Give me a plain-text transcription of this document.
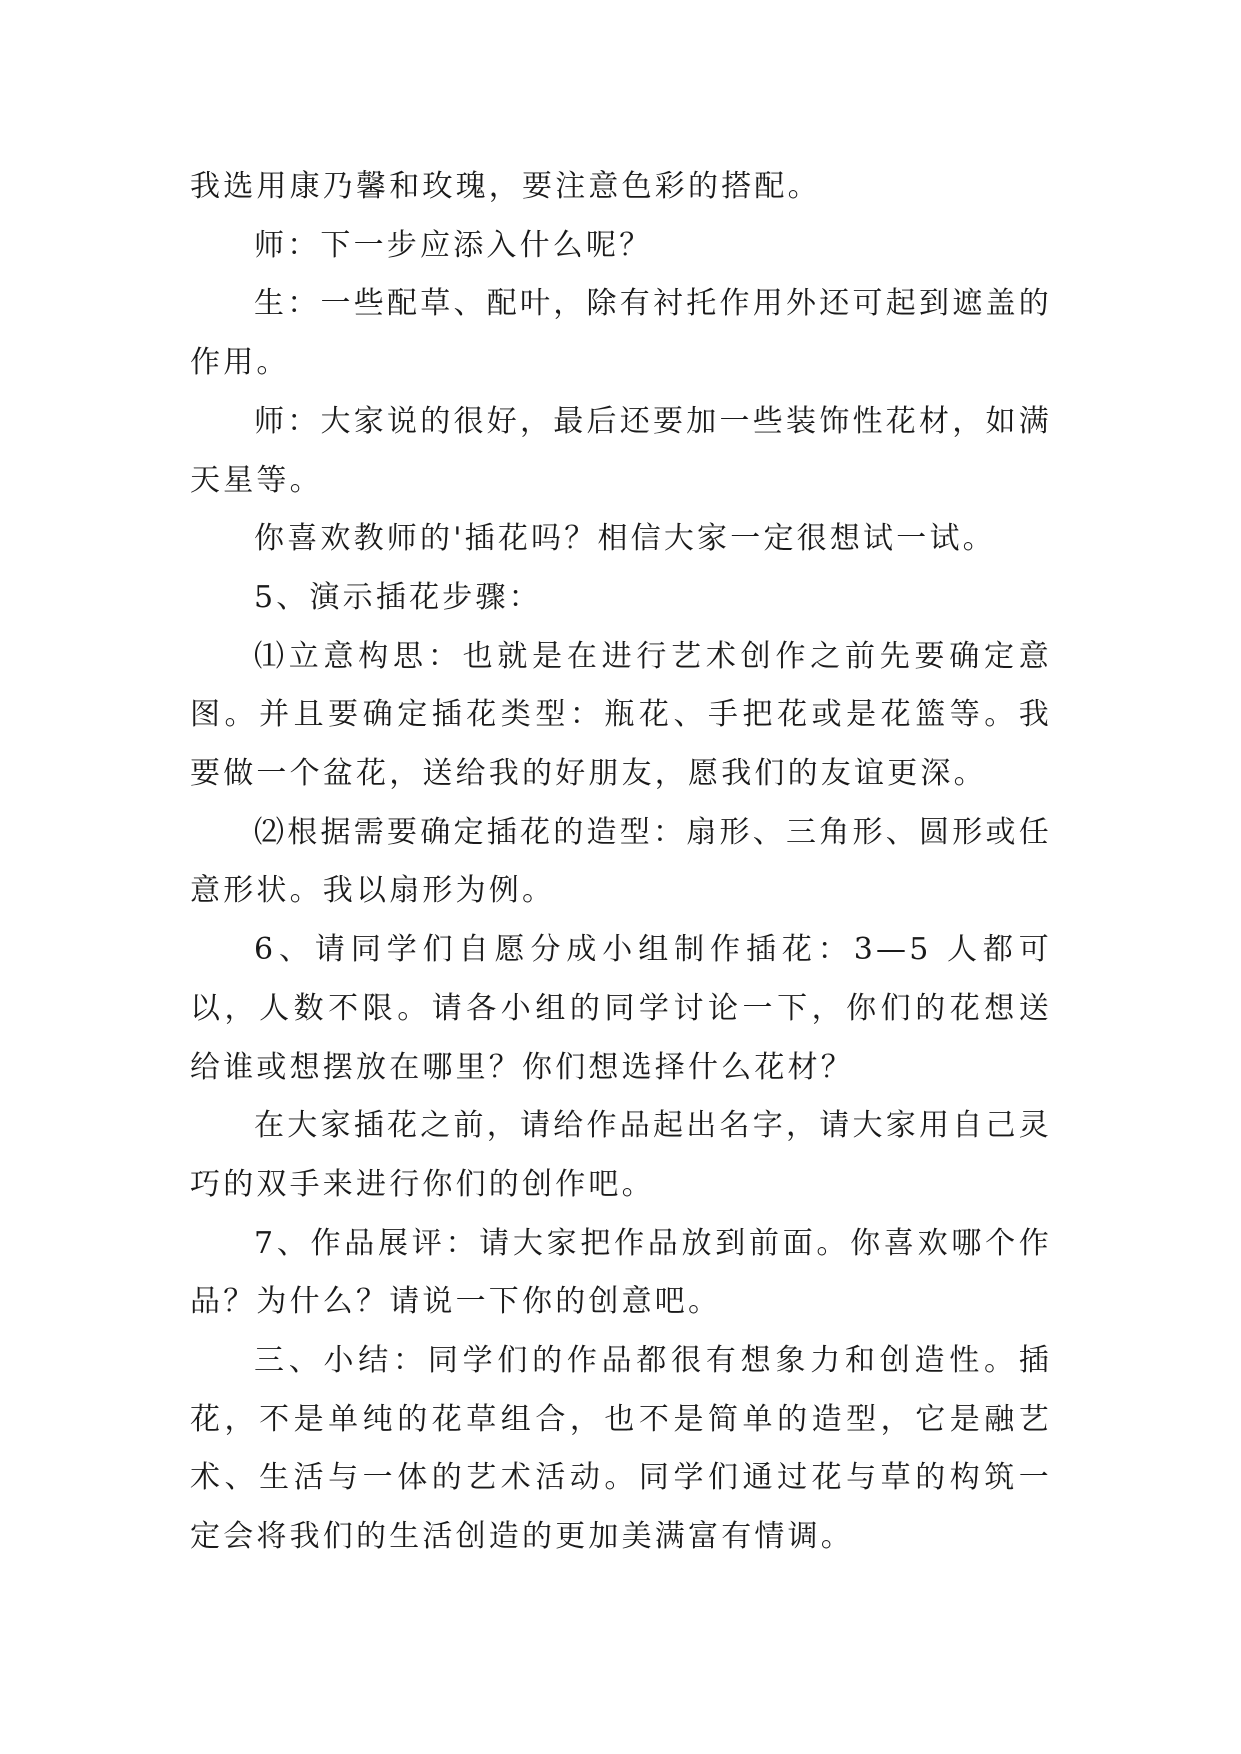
我选用康乃馨和玫瑰，要注意色彩的搭配。

师：下一步应添入什么呢？

生：一些配草、配叶，除有衬托作用外还可起到遮盖的作用。

师：大家说的很好，最后还要加一些装饰性花材，如满天星等。

你喜欢教师的'插花吗？相信大家一定很想试一试。

5、演示插花步骤：

⑴立意构思：也就是在进行艺术创作之前先要确定意图。并且要确定插花类型：瓶花、手把花或是花篮等。我要做一个盆花，送给我的好朋友，愿我们的友谊更深。

⑵根据需要确定插花的造型：扇形、三角形、圆形或任意形状。我以扇形为例。

6、请同学们自愿分成小组制作插花：3—5 人都可以，人数不限。请各小组的同学讨论一下，你们的花想送给谁或想摆放在哪里？你们想选择什么花材？

在大家插花之前，请给作品起出名字，请大家用自己灵巧的双手来进行你们的创作吧。

7、作品展评：请大家把作品放到前面。你喜欢哪个作品？为什么？请说一下你的创意吧。

三、小结：同学们的作品都很有想象力和创造性。插花，不是单纯的花草组合，也不是简单的造型，它是融艺术、生活与一体的艺术活动。同学们通过花与草的构筑一定会将我们的生活创造的更加美满富有情调。
